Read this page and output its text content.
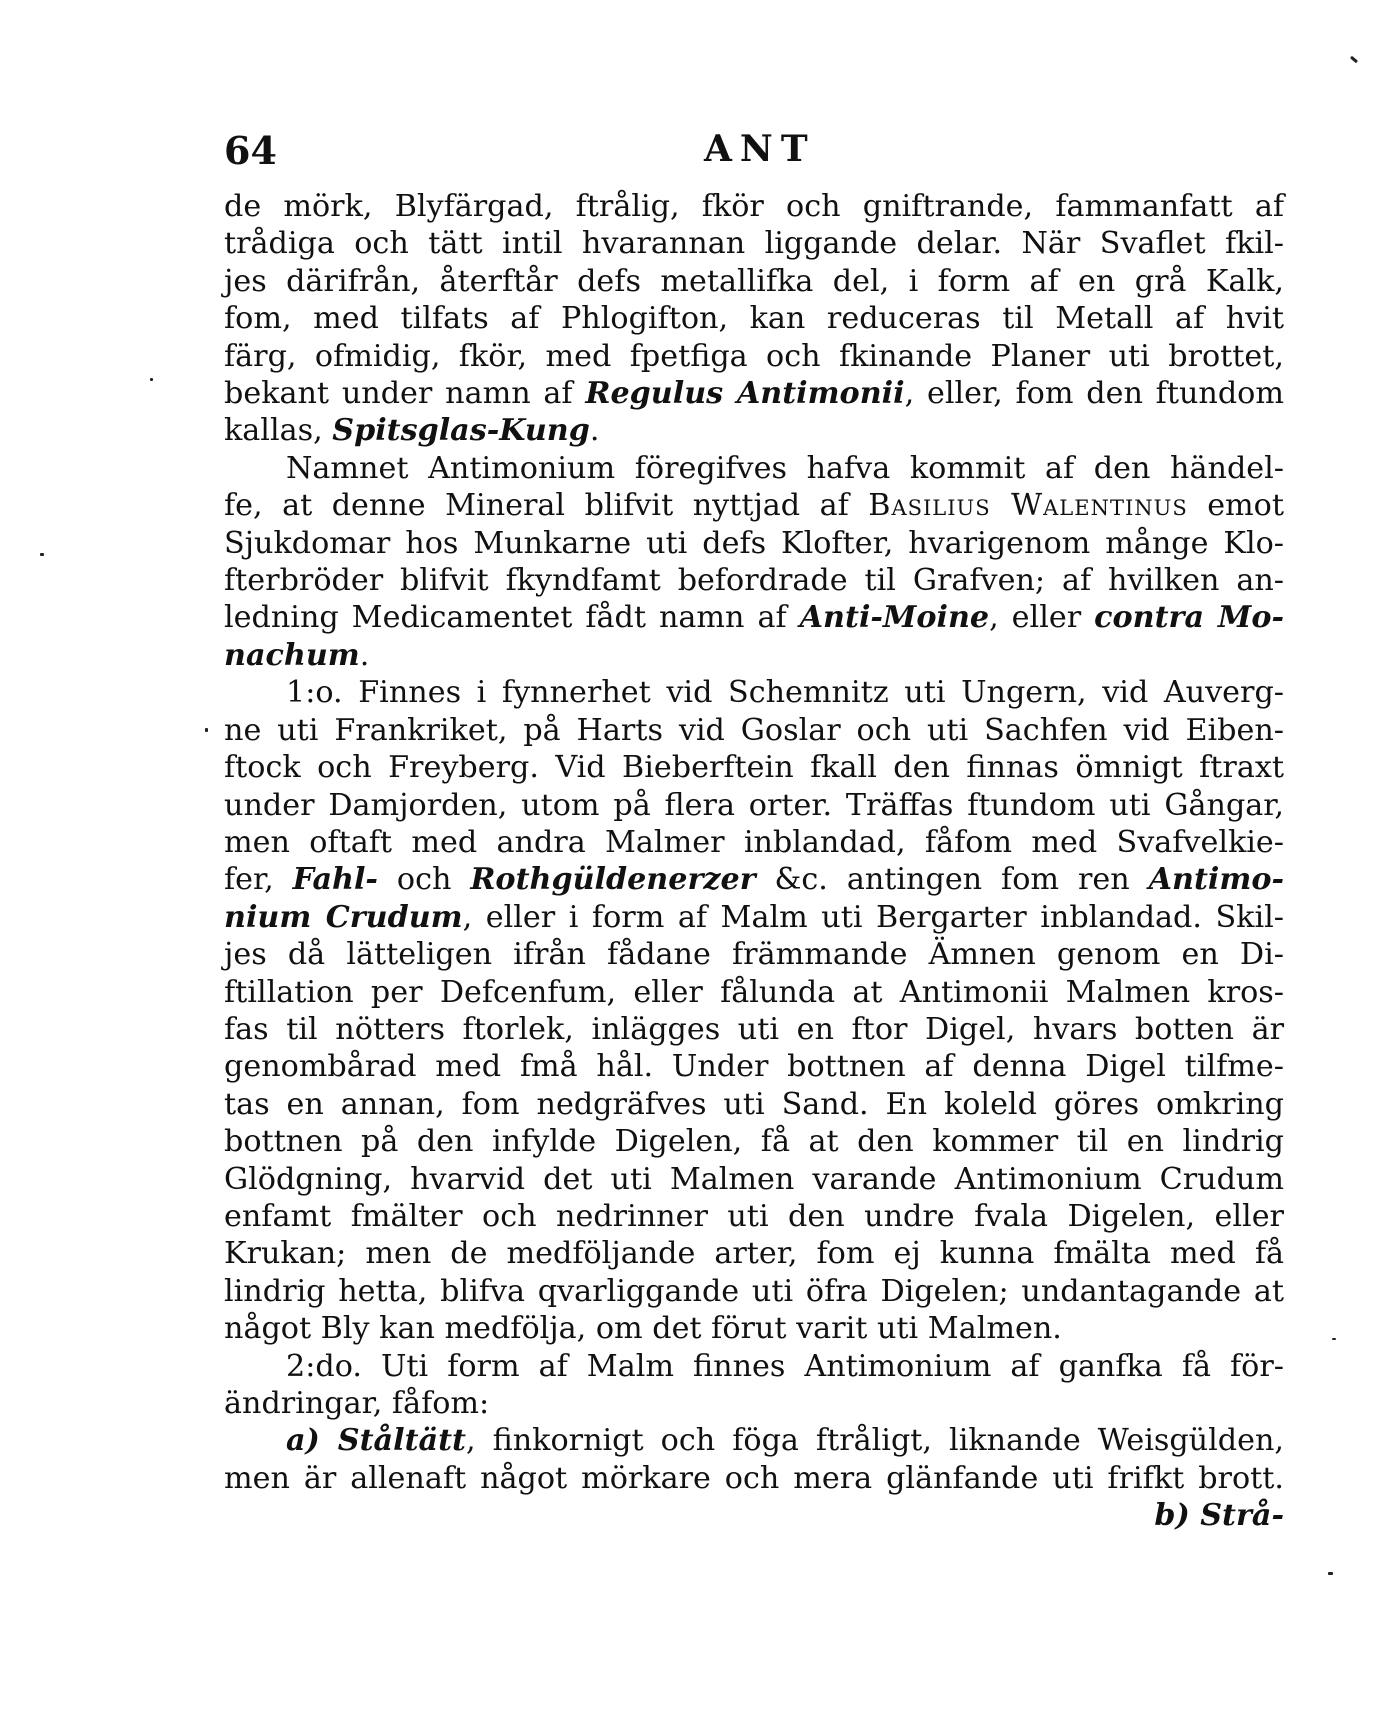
64	ANT
de mörk, Blyfärgad, ftrålig, fkör och gniftrande, fammanfatt af
trådiga och tätt intil hvarannan liggande delar. När Svaflet fkil-
jes därifrån, återftår defs metallifka del, i form af en grå Kalk,
fom, med tilfats af Phlogifton, kan reduceras til Metall af hvit
färg, ofmidig, fkör, med fpetfiga och fkinande Planer uti brottet,
bekant under namn af Regulus Antimonii, eller, fom den ftundom
kallas, Spitsglas-Kung.
Namnet Antimonium föregifves hafva kommit af den händel-
fe, at denne Mineral blifvit nyttjad af Basilius Walentinus emot
Sjukdomar hos Munkarne uti defs Klofter, hvarigenom månge Klo-
fterbröder blifvit fkyndfamt befordrade til Grafven; af hvilken an-
ledning Medicamentet fådt namn af Anti-Moine, eller contra Mo-
nachum.
1:o. Finnes i fynnerhet vid Schemnitz uti Ungern, vid Auverg-
ne uti Frankriket, på Harts vid Goslar och uti Sachfen vid Eiben-
ftock och Freyberg. Vid Bieberftein fkall den finnas ömnigt ftraxt
under Damjorden, utom på flera orter. Träffas ftundom uti Gångar,
men oftaft med andra Malmer inblandad, fåfom med Svafvelkie-
fer, Fahl- och Rothgüldenerzer &c. antingen fom ren Antimo-
nium Crudum, eller i form af Malm uti Bergarter inblandad. Skil-
jes då lätteligen ifrån fådane främmande Ämnen genom en Di-
ftillation per Defcenfum, eller fålunda at Antimonii Malmen kros-
fas til nötters ftorlek, inlägges uti en ftor Digel, hvars botten är
genombårad med fmå hål. Under bottnen af denna Digel tilfme-
tas en annan, fom nedgräfves uti Sand. En koleld göres omkring
bottnen på den infylde Digelen, få at den kommer til en lindrig
Glödgning, hvarvid det uti Malmen varande Antimonium Crudum
enfamt fmälter och nedrinner uti den undre fvala Digelen, eller
Krukan; men de medföljande arter, fom ej kunna fmälta med få
lindrig hetta, blifva qvarliggande uti öfra Digelen; undantagande at
något Bly kan medfölja, om det förut varit uti Malmen.
2:do. Uti form af Malm finnes Antimonium af ganfka få för-
ändringar, fåfom:
a) Ståltätt, finkornigt och föga ftråligt, liknande Weisgülden,
men är allenaft något mörkare och mera glänfande uti frifkt brott.
b) Strå-
